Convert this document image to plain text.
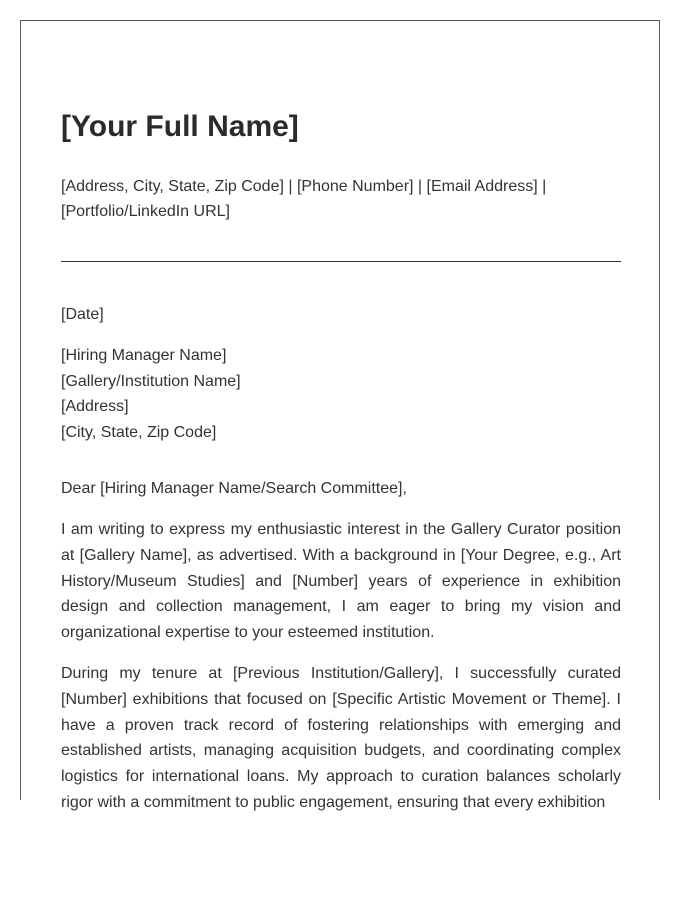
[Your Full Name]

[Address, City, State, Zip Code] | [Phone Number] | [Email Address] | [Portfolio/LinkedIn URL]

[Date]

[Hiring Manager Name]
[Gallery/Institution Name]
[Address]
[City, State, Zip Code]

Dear [Hiring Manager Name/Search Committee],

I am writing to express my enthusiastic interest in the Gallery Curator position at [Gallery Name], as advertised. With a background in [Your Degree, e.g., Art History/Museum Studies] and [Number] years of experience in exhibition design and collection management, I am eager to bring my vision and organizational expertise to your esteemed institution.

During my tenure at [Previous Institution/Gallery], I successfully curated [Number] exhibitions that focused on [Specific Artistic Movement or Theme]. I have a proven track record of fostering relationships with emerging and established artists, managing acquisition budgets, and coordinating complex logistics for international loans. My approach to curation balances scholarly rigor with a commitment to public engagement, ensuring that every exhibition
